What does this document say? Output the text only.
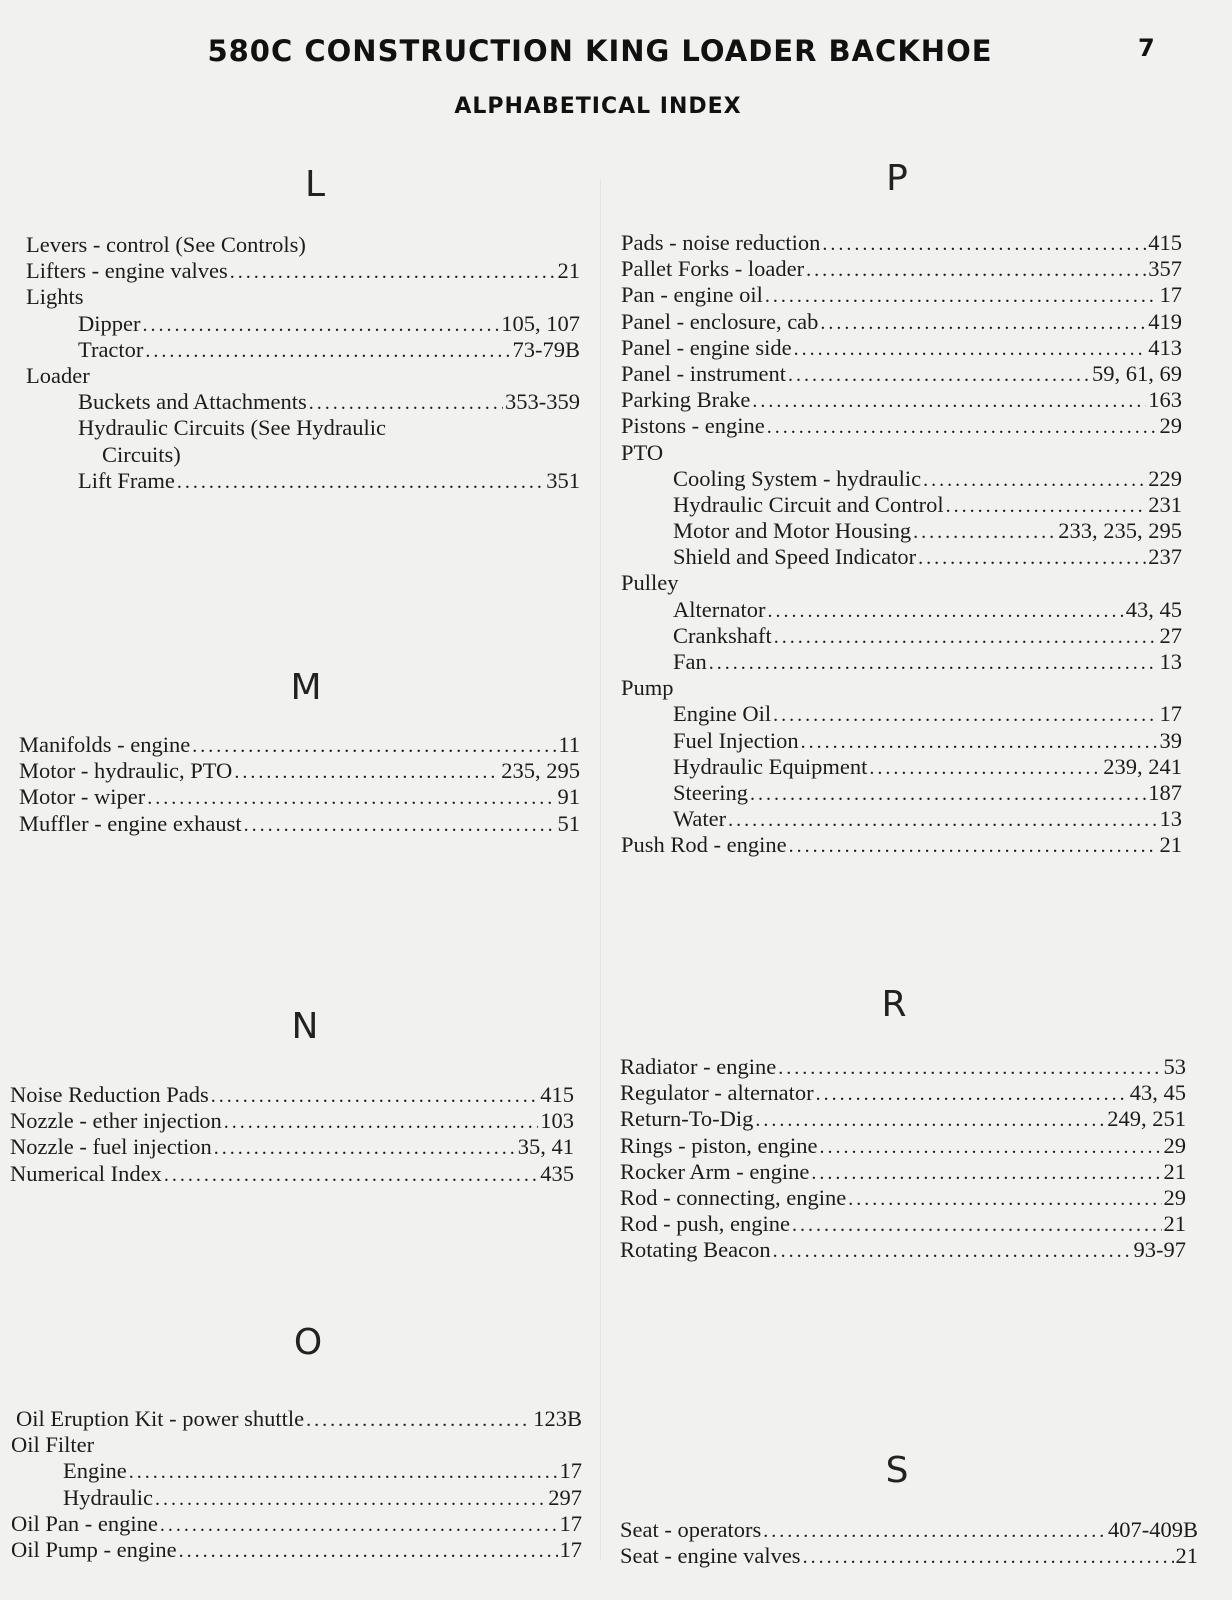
580C CONSTRUCTION KING LOADER BACKHOE	7
ALPHABETICAL INDEX
L
Levers - control (See Controls)
Lifters - engine valves . . .	21
Lights
Dipper . . .	105, 107
Tractor . . .	73-79B
Loader
Buckets and Attachments . . .	353-359
Hydraulic Circuits (See Hydraulic
Circuits)
Lift Frame . . .	351
M
Manifolds - engine . . .	11
Motor - hydraulic, PTO . . .	235, 295
Motor - wiper . . .	91
Muffler - engine exhaust . . .	51
N
Noise Reduction Pads . . .	415
Nozzle - ether injection . . .	103
Nozzle - fuel injection . . .	35, 41
Numerical Index . . .	435
O
Oil Eruption Kit - power shuttle . . .	123B
Oil Filter
Engine . . .	17
Hydraulic . . .	297
Oil Pan - engine . . .	17
Oil Pump - engine . . .	17
P
Pads - noise reduction . . .	415
Pallet Forks - loader . . .	357
Pan - engine oil . . .	17
Panel - enclosure, cab . . .	419
Panel - engine side . . .	413
Panel - instrument . . .	59, 61, 69
Parking Brake . . .	163
Pistons - engine . . .	29
PTO
Cooling System - hydraulic . . .	229
Hydraulic Circuit and Control . . .	231
Motor and Motor Housing . . .	233, 235, 295
Shield and Speed Indicator . . .	237
Pulley
Alternator . . .	43, 45
Crankshaft . . .	27
Fan . . .	13
Pump
Engine Oil . . .	17
Fuel Injection . . .	39
Hydraulic Equipment . . .	239, 241
Steering . . .	187
Water . . .	13
Push Rod - engine . . .	21
R
Radiator - engine . . .	53
Regulator - alternator . . .	43, 45
Return-To-Dig . . .	249, 251
Rings - piston, engine . . .	29
Rocker Arm - engine . . .	21
Rod - connecting, engine . . .	29
Rod - push, engine . . .	21
Rotating Beacon . . .	93-97
S
Seat - operators . . .	407-409B
Seat - engine valves . . .	21
